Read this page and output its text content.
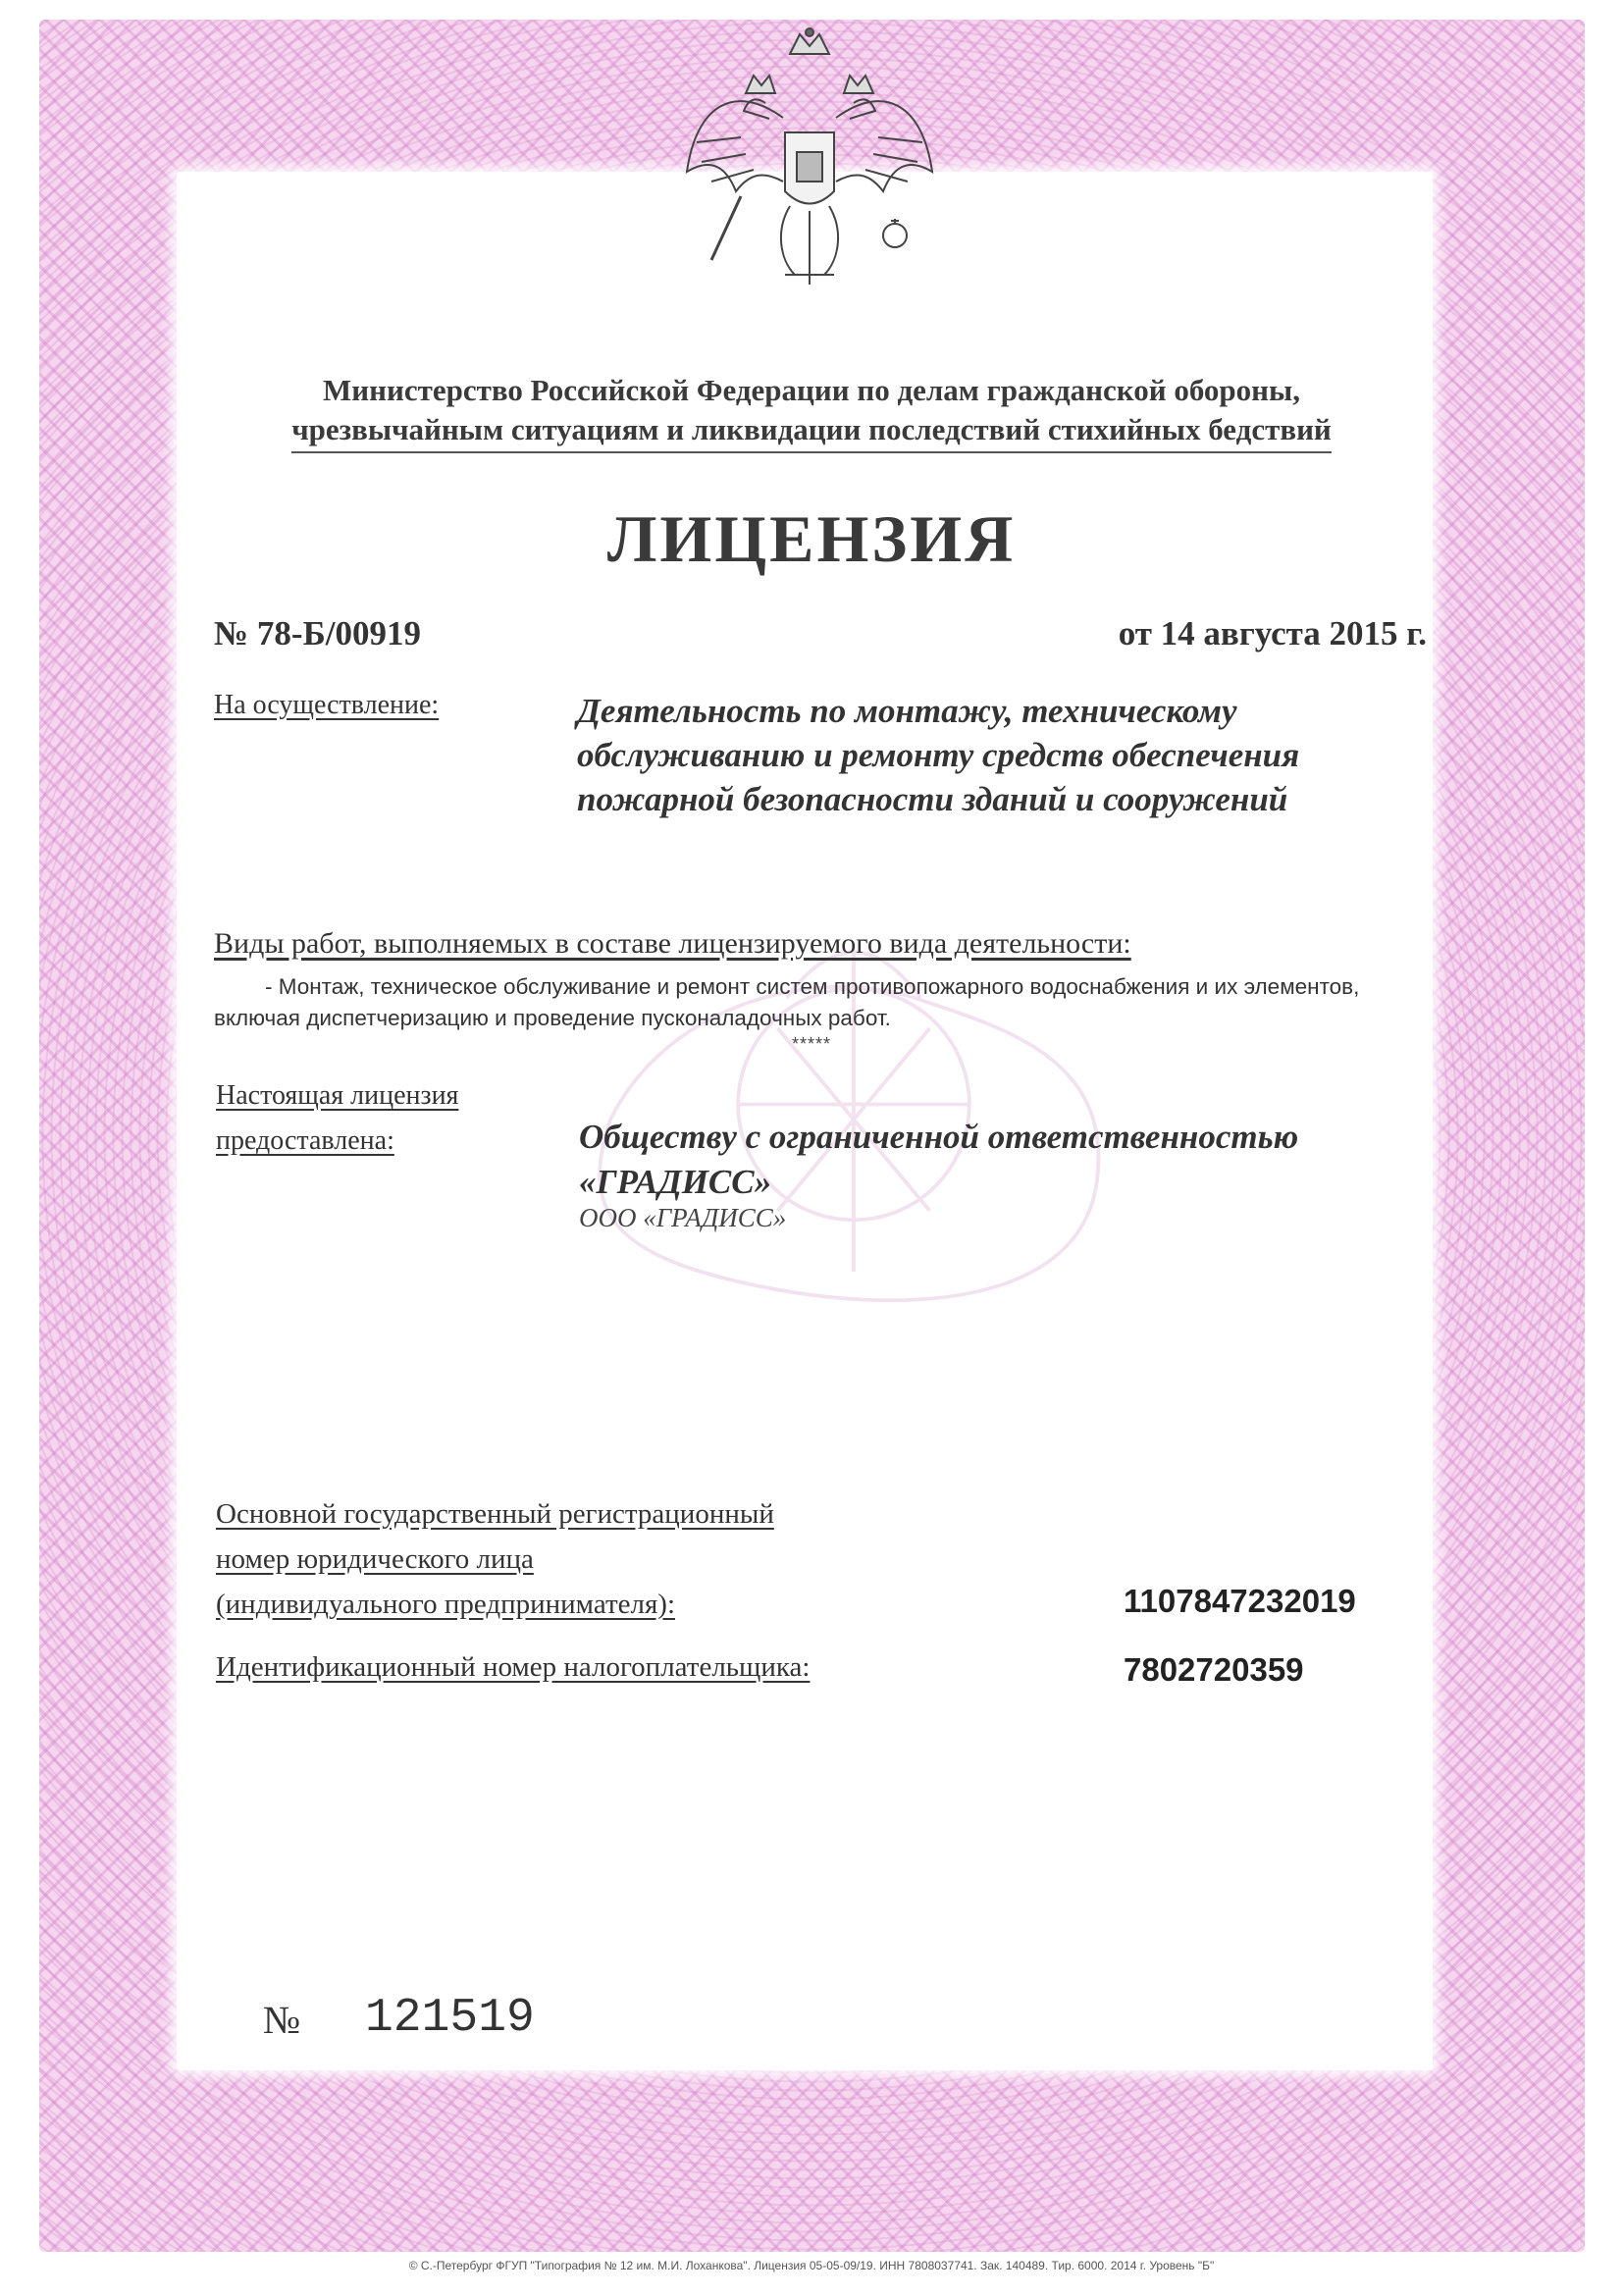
Министерство Российской Федерации по делам гражданской обороны,
чрезвычайным ситуациям и ликвидации последствий стихийных бедствий
ЛИЦЕНЗИЯ
№ 78-Б/00919	от 14 августа 2015 г.
На осуществление:	Деятельность по монтажу, техническому
обслуживанию и ремонту средств обеспечения
пожарной безопасности зданий и сооружений
Виды работ, выполняемых в составе лицензируемого вида деятельности:
- Монтаж, техническое обслуживание и ремонт систем противопожарного водоснабжения и их элементов, включая диспетчеризацию и проведение пусконаладочных работ.
*****
Настоящая лицензия
предоставлена:	Обществу с ограниченной ответственностью
«ГРАДИСС»
ООО «ГРАДИСС»
Основной государственный регистрационный
номер юридического лица
(индивидуального предпринимателя):	1107847232019
Идентификационный номер налогоплательщика:	7802720359
№ 121519
© С.-Петербург ФГУП "Типография № 12 им. М.И. Лоханкова". Лицензия 05-05-09/19. ИНН 7808037741. Зак. 140489. Тир. 6000. 2014 г. Уровень "Б"
